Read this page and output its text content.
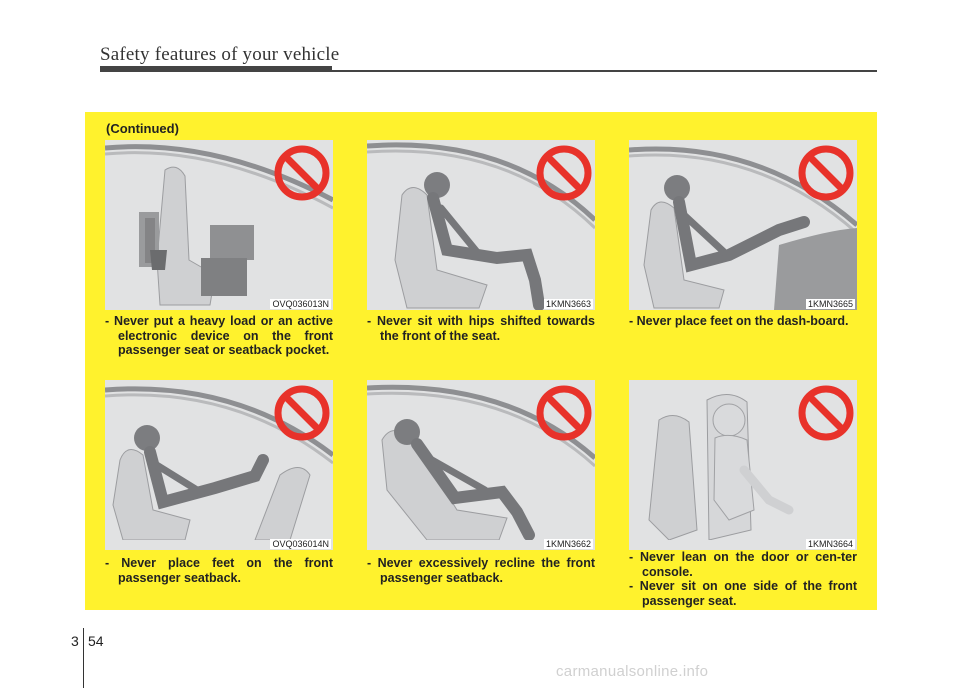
Safety features of your vehicle
(Continued)
OVQ036013N

- Never put a heavy load or an active electronic device on the front passenger seat or seatback pocket.

1KMN3663

- Never sit with hips shifted towards the front of the seat.

1KMN3665

- Never place feet on the dash-board.

OVQ036014N

- Never place feet on the front passenger seatback.

1KMN3662

- Never excessively recline the front passenger seatback.

1KMN3664

- Never lean on the door or cen-ter console.

- Never sit on one side of the front passenger seat.

3 54
carmanualsonline.info
